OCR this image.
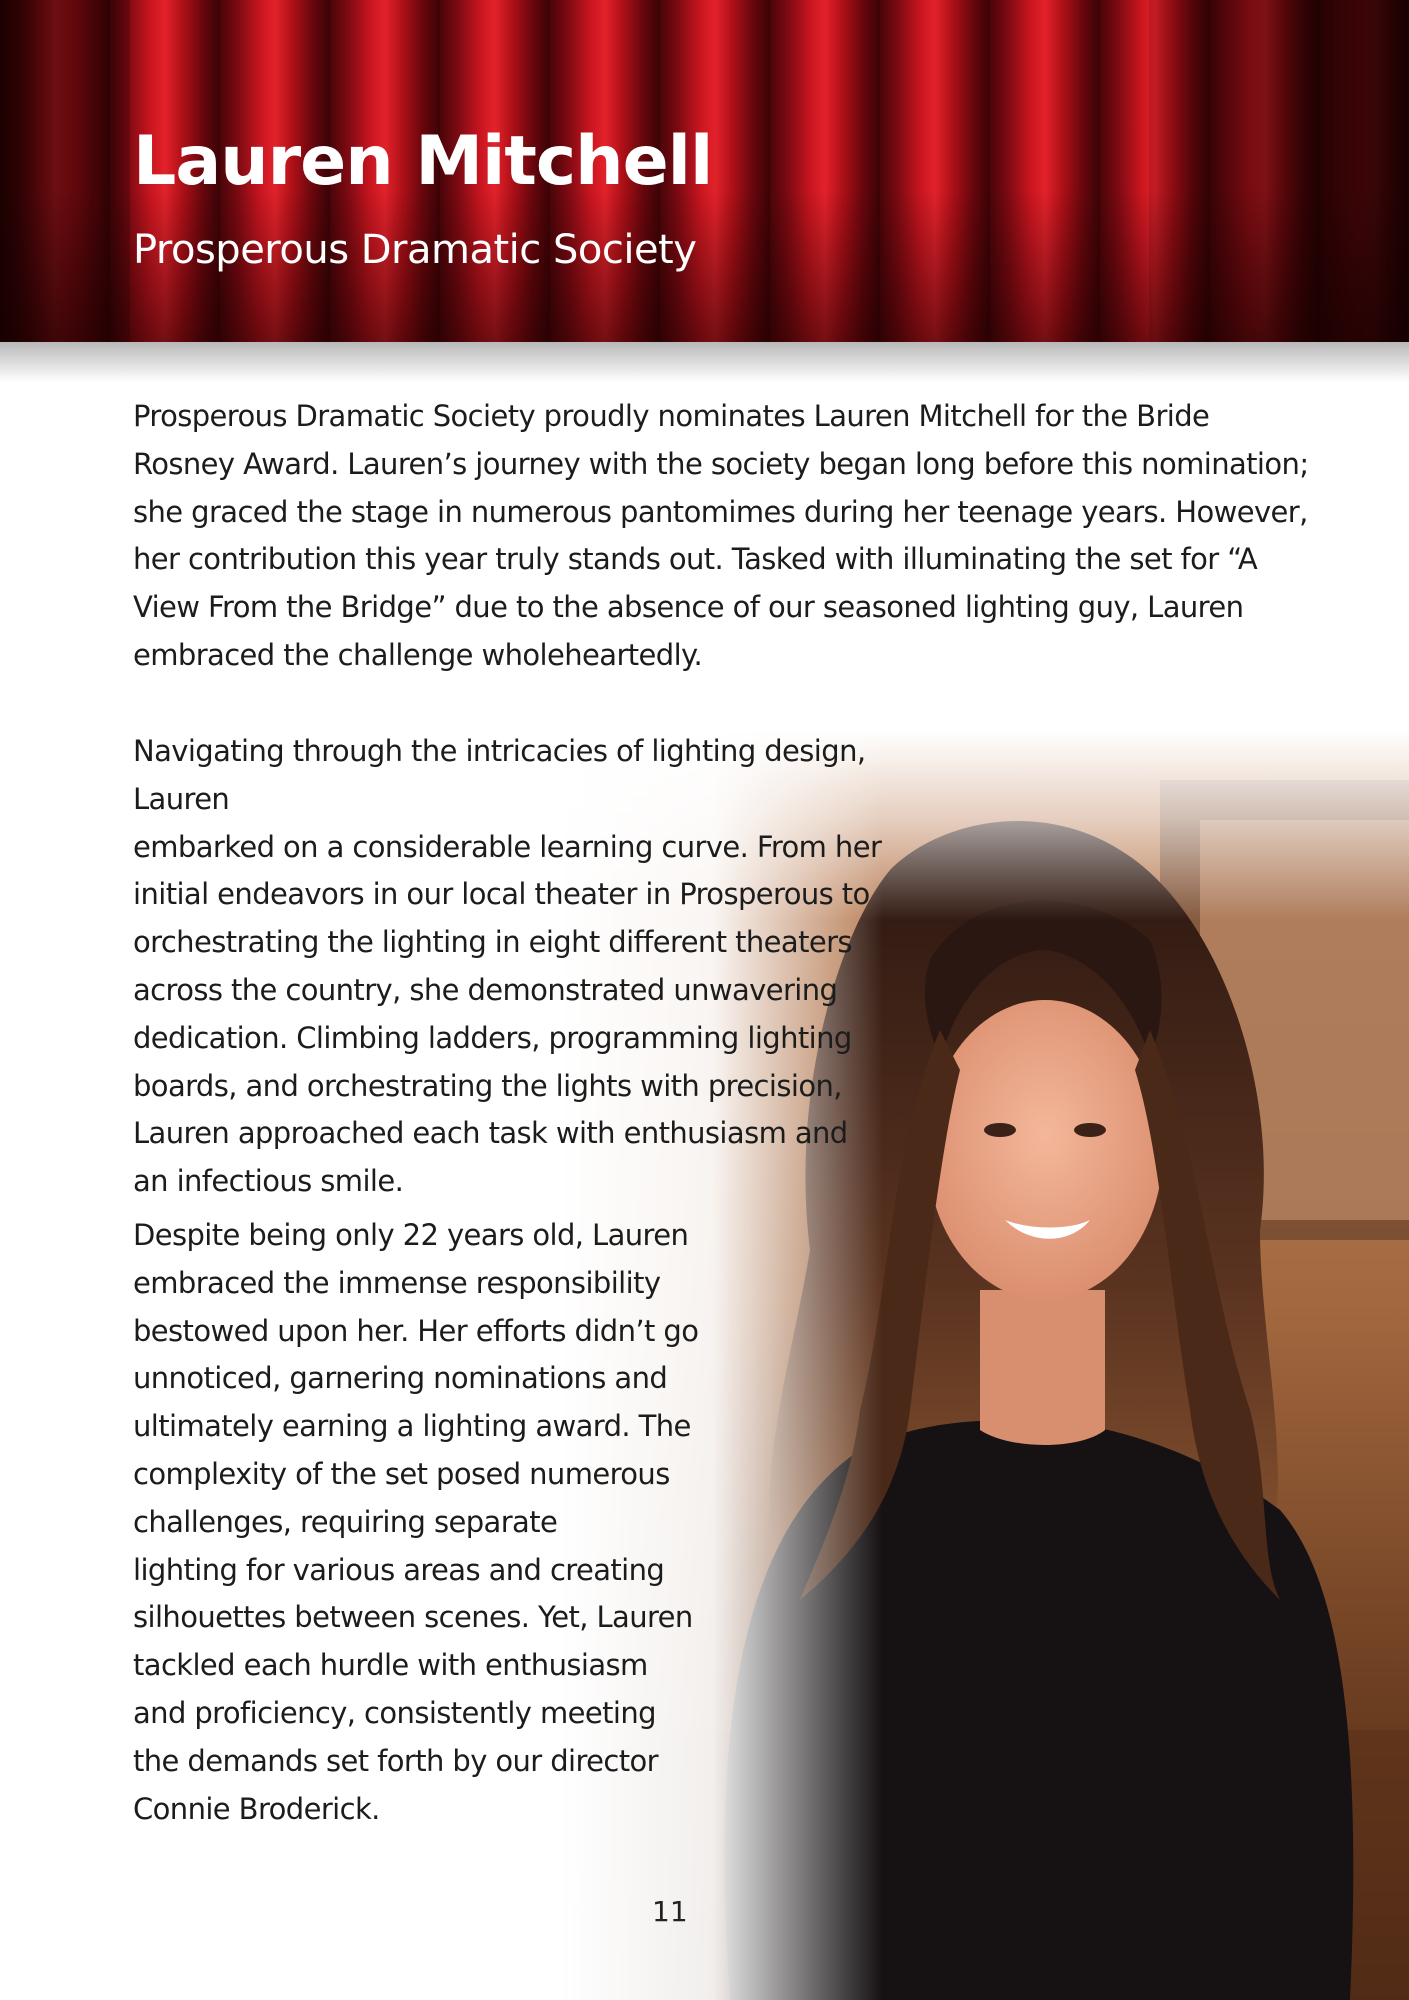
Lauren Mitchell
Prosperous Dramatic Society

Prosperous Dramatic Society proudly nominates Lauren Mitchell for the Bride
Rosney Award. Lauren’s journey with the society began long before this nomination;
she graced the stage in numerous pantomimes during her teenage years. However,
her contribution this year truly stands out. Tasked with illuminating the set for “A
View From the Bridge” due to the absence of our seasoned lighting guy, Lauren
embraced the challenge wholeheartedly.

Navigating through the intricacies of lighting design, Lauren
embarked on a considerable learning curve. From her
initial endeavors in our local theater in Prosperous to
orchestrating the lighting in eight different theaters
across the country, she demonstrated unwavering
dedication. Climbing ladders, programming lighting
boards, and orchestrating the lights with precision,
Lauren approached each task with enthusiasm and
an infectious smile.

Despite being only 22 years old, Lauren
embraced the immense responsibility
bestowed upon her. Her efforts didn’t go
unnoticed, garnering nominations and
ultimately earning a lighting award. The
complexity of the set posed numerous
challenges, requiring separate
lighting for various areas and creating
silhouettes between scenes. Yet, Lauren
tackled each hurdle with enthusiasm
and proficiency, consistently meeting
the demands set forth by our director
Connie Broderick.

11
